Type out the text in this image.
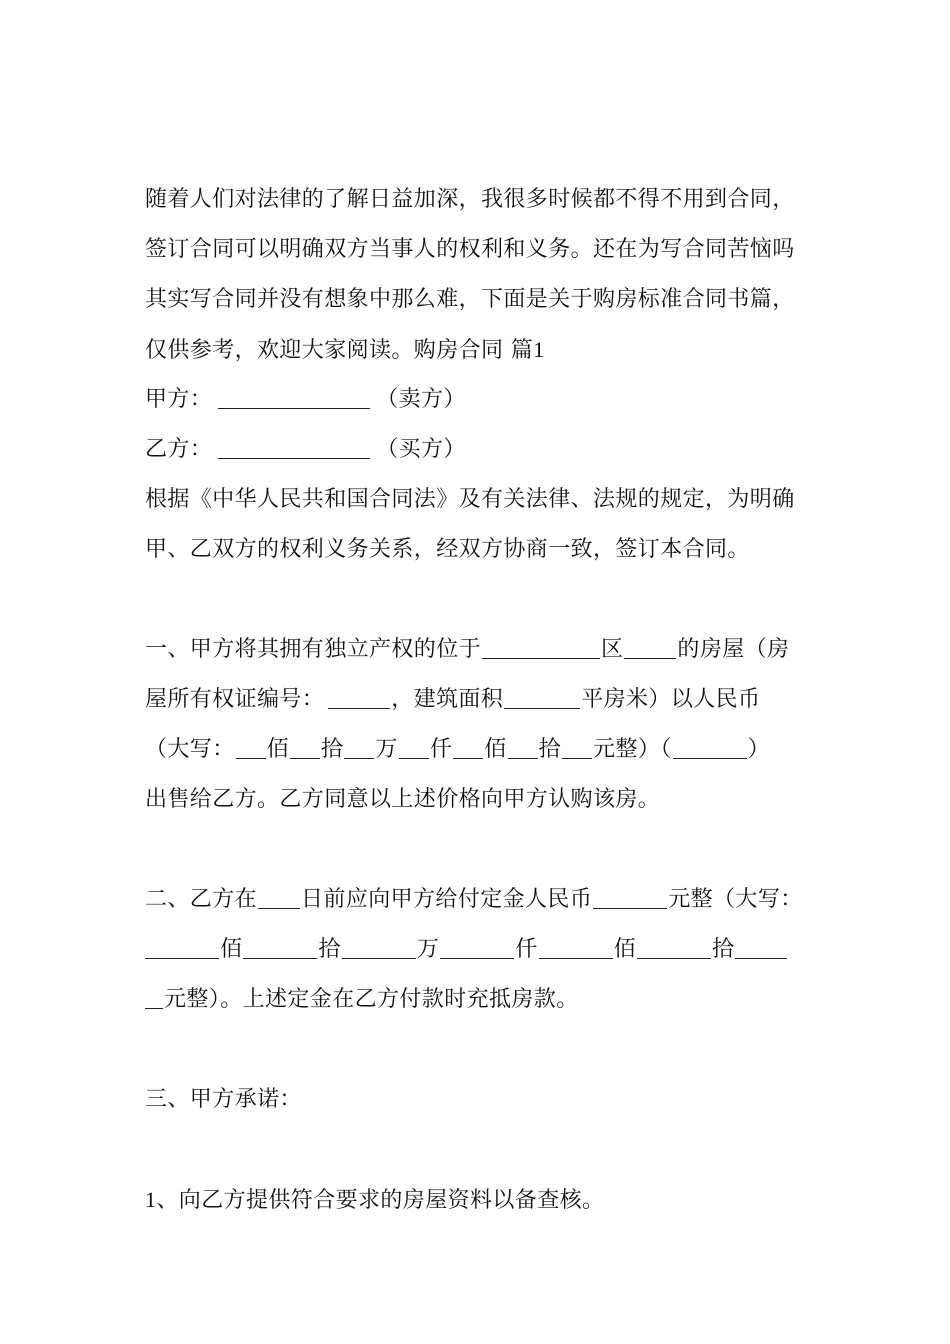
随着人们对法律的了解日益加深，我很多时候都不得不用到合同，
签订合同可以明确双方当事人的权利和义务。还在为写合同苦恼吗
其实写合同并没有想象中那么难，下面是关于购房标准合同书篇，
仅供参考，欢迎大家阅读。购房合同 篇1
甲方：	（卖方）
乙方：	（买方）
根据《中华人民共和国合同法》及有关法律、法规的规定，为明确
甲、乙双方的权利义务关系，经双方协商一致，签订本合同。
一、甲方将其拥有独立产权的位于	区 的房屋（房
屋所有权证编号：	，建筑面积	平房米）以人民币
（大写： 佰 拾 万 仟 佰 拾 元整）（	）
出售给乙方。乙方同意以上述价格向甲方认购该房。
二、乙方在 日前应向甲方给付定金人民币	元整（大写：
佰	拾	万	仟	佰	拾
元整）。上述定金在乙方付款时充抵房款。
三、甲方承诺：
1、向乙方提供符合要求的房屋资料以备查核。
